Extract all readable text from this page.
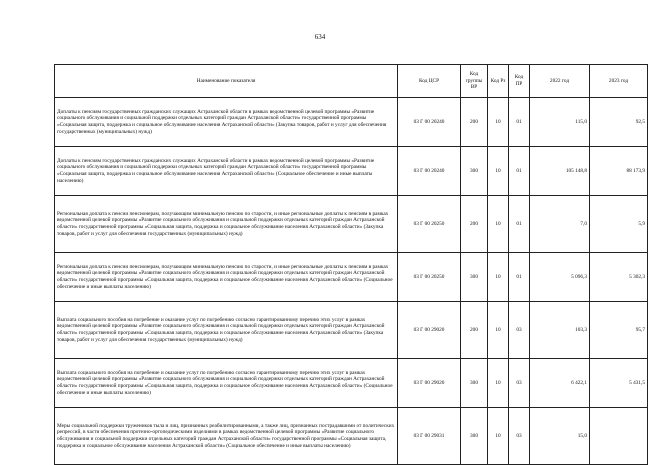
634
Наименование показателя	Код ЦСР	Код группы ВР	Код Рз	Код ПР	2022 год	2023 год
Доплаты к пенсиям государственных гражданских служащих Астраханской области в рамках ведомственной целевой программы «Развитие социального обслуживания и социальной поддержки отдельных категорий граждан Астраханской области» государственной программы «Социальная защита, поддержка и социальное обслуживание населения Астраханской области» (Закупка товаров, работ и услуг для обеспечения государственных (муниципальных) нужд)	03 Г 00 20240	200	10	01	115,0	92,5
Доплаты к пенсиям государственных гражданских служащих Астраханской области в рамках ведомственной целевой программы «Развитие социального обслуживания и социальной поддержки отдельных категорий граждан Астраханской области» государственной программы «Социальная защита, поддержка и социальное обслуживание населения Астраханской области» (Социальное обеспечение и иные выплаты населению)	03 Г 00 20240	300	10	01	105 148,8	88 173,9
Региональная доплата к пенсии пенсионерам, получающим минимальную пенсию по старости, и иные региональные доплаты к пенсиям в рамках ведомственной целевой программы «Развитие социального обслуживания и социальной поддержки отдельных категорий граждан Астраханской области» государственной программы «Социальная защита, поддержка и социальное обслуживание населения Астраханской области» (Закупка товаров, работ и услуг для обеспечения государственных (муниципальных) нужд)	03 Г 00 20250	200	10	01	7,0	5,9
Региональная доплата к пенсии пенсионерам, получающим минимальную пенсию по старости, и иные региональные доплаты к пенсиям в рамках ведомственной целевой программы «Развитие социального обслуживания и социальной поддержки отдельных категорий граждан Астраханской области» государственной программы «Социальная защита, поддержка и социальное обслуживание населения Астраханской области» (Социальное обеспечение и иные выплаты населению)	03 Г 00 20250	300	10	01	5 096,3	5 302,3
Выплата социального пособия на погребение и оказание услуг по погребению согласно гарантированному перечню этих услуг в рамках ведомственной целевой программы «Развитие социального обслуживания и социальной поддержки отдельных категорий граждан Астраханской области» государственной программы «Социальная защита, поддержка и социальное обслуживание населения Астраханской области» (Закупка товаров, работ и услуг для обеспечения государственных (муниципальных) нужд)	03 Г 00 29020	200	10	03	103,3	95,7
Выплата социального пособия на погребение и оказание услуг по погребению согласно гарантированному перечню этих услуг в рамках ведомственной целевой программы «Развитие социального обслуживания и социальной поддержки отдельных категорий граждан Астраханской области» государственной программы «Социальная защита, поддержка и социальное обслуживание населения Астраханской области» (Социальное обеспечение и иные выплаты населению)	03 Г 00 29020	300	10	03	6 422,1	5 431,5
Меры социальной поддержки тружеников тыла и лиц, признанных реабилитированными, а также лиц, признанных пострадавшими от политических репрессий, в части обеспечения протезно-ортопедическими изделиями в рамках ведомственной целевой программы «Развитие социального обслуживания и социальной поддержки отдельных категорий граждан Астраханской области» государственной программы «Социальная защита, поддержка и социальное обслуживание населения Астраханской области» (Социальное обеспечение и иные выплаты населению)	03 Г 00 29031	300	10	03	15,0	
